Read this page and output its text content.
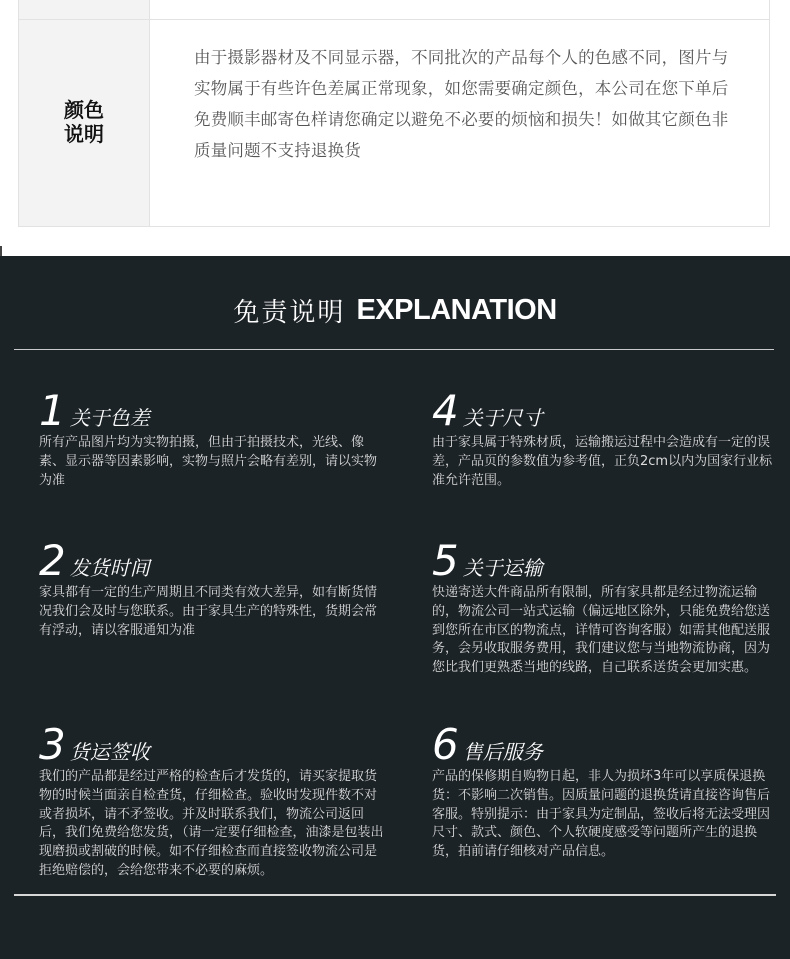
颜色
说明
由于摄影器材及不同显示器，不同批次的产品每个人的色感不同，图片与实物属于有些许色差属正常现象，如您需要确定颜色，本公司在您下单后免费顺丰邮寄色样请您确定以避免不必要的烦恼和损失！如做其它颜色非质量问题不支持退换货
免责说明 EXPLANATION
1 关于色差
所有产品图片均为实物拍摄，但由于拍摄技术，光线、像素、显示器等因素影响，实物与照片会略有差别，请以实物为准
2 发货时间
家具都有一定的生产周期且不同类有效大差异，如有断货情况我们会及时与您联系。由于家具生产的特殊性，货期会常有浮动，请以客服通知为准
3 货运签收
我们的产品都是经过严格的检查后才发货的，请买家提取货物的时候当面亲自检查货，仔细检查。验收时发现件数不对或者损坏，请不矛签收。并及时联系我们，物流公司返回后，我们免费给您发货，（请一定要仔细检查，油漆是包装出现磨损或割破的时候。如不仔细检查而直接签收物流公司是拒绝赔偿的，会给您带来不必要的麻烦。
4 关于尺寸
由于家具属于特殊材质，运输搬运过程中会造成有一定的误差，产品页的参数值为参考值，正负2cm以内为国家行业标准允许范围。
5 关于运输
快递寄送大件商品所有限制，所有家具都是经过物流运输的，物流公司一站式运输（偏远地区除外，只能免费给您送到您所在市区的物流点，详情可咨询客服）如需其他配送服务，会另收取服务费用，我们建议您与当地物流协商，因为您比我们更熟悉当地的线路，自己联系送货会更加实惠。
6 售后服务
产品的保修期自购物日起，非人为损坏3年可以享质保退换货：不影响二次销售。因质量问题的退换货请直接咨询售后客服。特别提示：由于家具为定制品，签收后将无法受理因尺寸、款式、颜色、个人软硬度感受等问题所产生的退换货，拍前请仔细核对产品信息。
